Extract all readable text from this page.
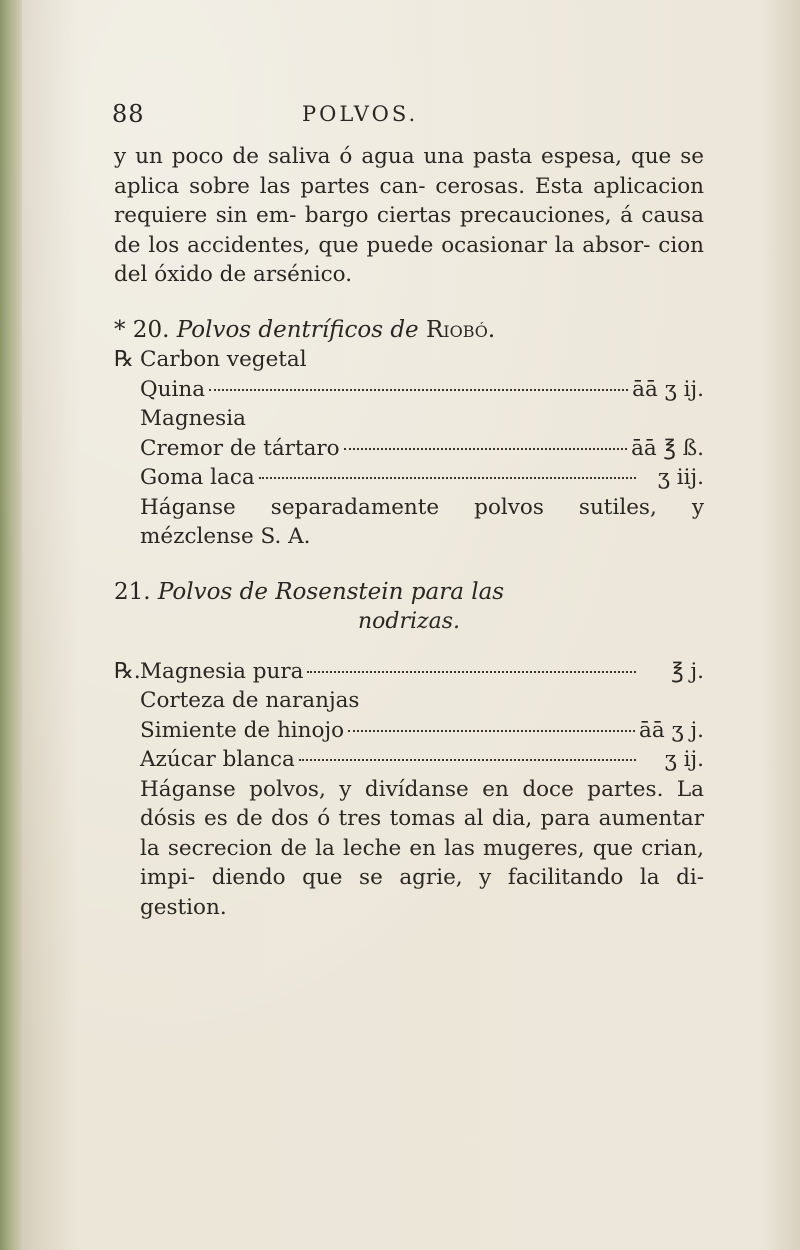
88	POLVOS.

y un poco de saliva ó agua una pasta espesa, que se aplica sobre las partes can- cerosas. Esta aplicacion requiere sin em- bargo ciertas precauciones, á causa de los accidentes, que puede ocasionar la absor- cion del óxido de arsénico.

* 20. Polvos dentríficos de Riobó.

℞ Carbon vegetal
Quina	āā ʒ ij.
Magnesia
Cremor de tártaro	āā ℥ ß.
Goma laca	ʒ iij.

Háganse separadamente polvos sutiles, y mézclense S. A.

21. Polvos de Rosenstein para las

nodrizas.

℞. Magnesia pura	℥ j.
Corteza de naranjas
Simiente de hinojo	āā ʒ j.
Azúcar blanca	ʒ ij.

Háganse polvos, y divídanse en doce partes. La dósis es de dos ó tres tomas al dia, para aumentar la secrecion de la leche en las mugeres, que crian, impi- diendo que se agrie, y facilitando la di- gestion.
